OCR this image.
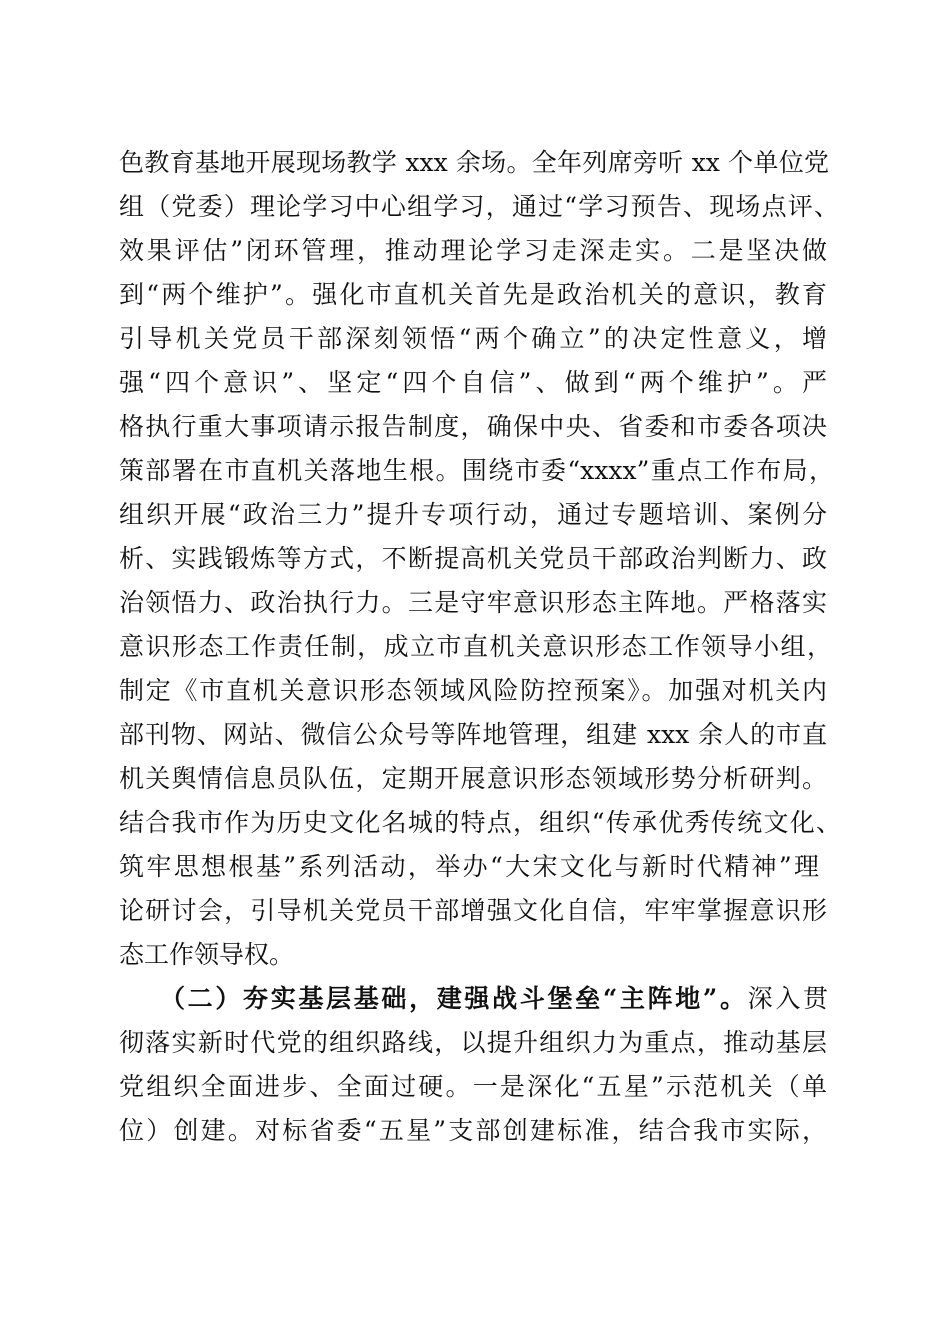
色教育基地开展现场教学 xxx 余场。全年列席旁听 xx 个单位党
组（党委）理论学习中心组学习，通过“学习预告、现场点评、
效果评估”闭环管理，推动理论学习走深走实。二是坚决做
到“两个维护”。强化市直机关首先是政治机关的意识，教育
引导机关党员干部深刻领悟“两个确立”的决定性意义，增
强“四个意识”、坚定“四个自信”、做到“两个维护”。严
格执行重大事项请示报告制度，确保中央、省委和市委各项决
策部署在市直机关落地生根。围绕市委“xxxx”重点工作布局，
组织开展“政治三力”提升专项行动，通过专题培训、案例分
析、实践锻炼等方式，不断提高机关党员干部政治判断力、政
治领悟力、政治执行力。三是守牢意识形态主阵地。严格落实
意识形态工作责任制，成立市直机关意识形态工作领导小组，
制定《市直机关意识形态领域风险防控预案》。加强对机关内
部刊物、网站、微信公众号等阵地管理，组建 xxx 余人的市直
机关舆情信息员队伍，定期开展意识形态领域形势分析研判。
结合我市作为历史文化名城的特点，组织“传承优秀传统文化、
筑牢思想根基”系列活动，举办“大宋文化与新时代精神”理
论研讨会，引导机关党员干部增强文化自信，牢牢掌握意识形
态工作领导权。
（二）夯实基层基础，建强战斗堡垒“主阵地”。深入贯
彻落实新时代党的组织路线，以提升组织力为重点，推动基层
党组织全面进步、全面过硬。一是深化“五星”示范机关（单
位）创建。对标省委“五星”支部创建标准，结合我市实际，
